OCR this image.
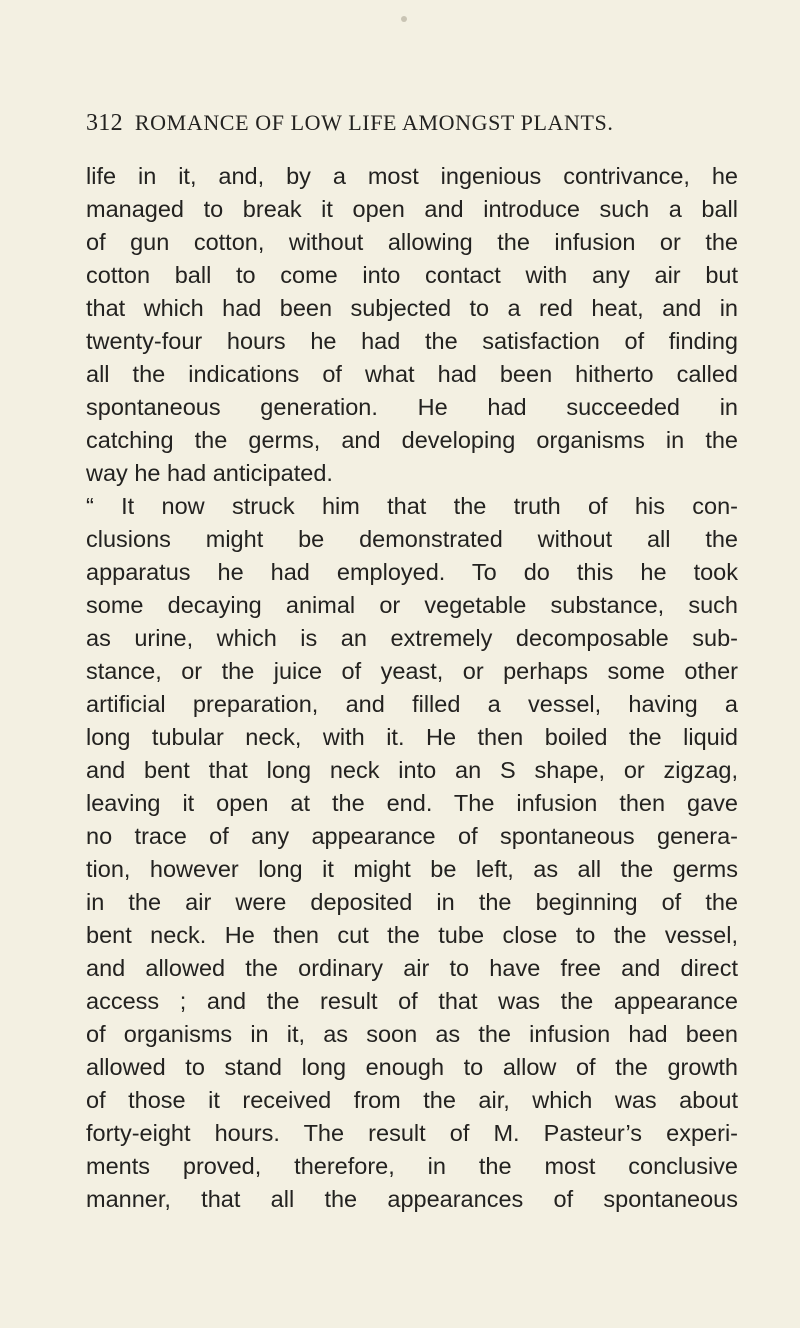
312 ROMANCE OF LOW LIFE AMONGST PLANTS.
life in it, and, by a most ingenious contrivance, he
managed to break it open and introduce such a ball
of gun cotton, without allowing the infusion or the
cotton ball to come into contact with any air but
that which had been subjected to a red heat, and in
twenty-four hours he had the satisfaction of finding
all the indications of what had been hitherto called
spontaneous generation. He had succeeded in
catching the germs, and developing organisms in the
way he had anticipated.
“ It now struck him that the truth of his con-
clusions might be demonstrated without all the
apparatus he had employed. To do this he took
some decaying animal or vegetable substance, such
as urine, which is an extremely decomposable sub-
stance, or the juice of yeast, or perhaps some other
artificial preparation, and filled a vessel, having a
long tubular neck, with it. He then boiled the liquid
and bent that long neck into an S shape, or zigzag,
leaving it open at the end. The infusion then gave
no trace of any appearance of spontaneous genera-
tion, however long it might be left, as all the germs
in the air were deposited in the beginning of the
bent neck. He then cut the tube close to the vessel,
and allowed the ordinary air to have free and direct
access ; and the result of that was the appearance
of organisms in it, as soon as the infusion had been
allowed to stand long enough to allow of the growth
of those it received from the air, which was about
forty-eight hours. The result of M. Pasteur’s experi-
ments proved, therefore, in the most conclusive
manner, that all the appearances of spontaneous
